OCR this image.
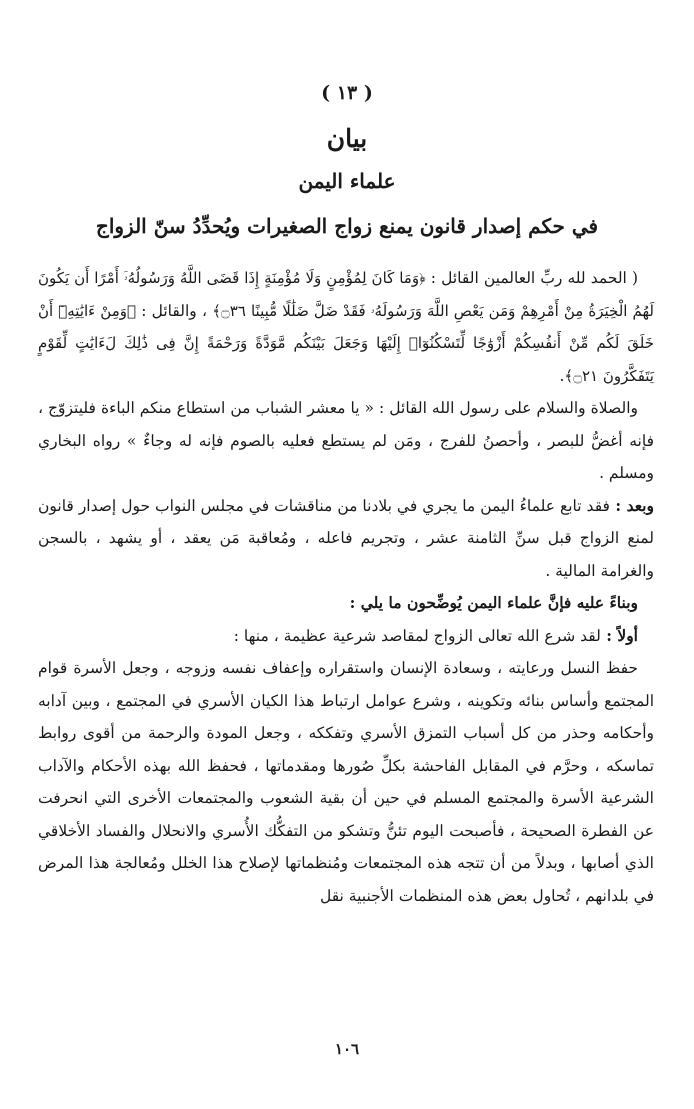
( ١٣ )
بيان
علماء اليمن
في حكم إصدار قانون يمنع زواج الصغيرات ويُحدِّدُ سنّ الزواج

( الحمد لله ربِّ العالمين القائل : ﴿وَمَا كَانَ لِمُؤْمِنٍ وَلَا مُؤْمِنَةٍ إِذَا قَضَى اللَّهُ وَرَسُولُهُۥٓ أَمْرًا أَن يَكُونَ لَهُمُ الْخِيَرَةُ مِنْ أَمْرِهِمْ وَمَن يَعْصِ اللَّهَ وَرَسُولَهُۥ فَقَدْ ضَلَّ ضَلَٰلًا مُّبِينًا ۝٣٦﴾ ، والقائل : ﴿وَمِنْ ءَايَٰتِهِۦٓ أَنْ خَلَقَ لَكُم مِّنْ أَنفُسِكُمْ أَزْوَٰجًا لِّتَسْكُنُوٓا۟ إِلَيْهَا وَجَعَلَ بَيْنَكُم مَّوَدَّةً وَرَحْمَةً إِنَّ فِى ذَٰلِكَ لَءَايَٰتٍ لِّقَوْمٍ يَتَفَكَّرُونَ ۝٢١﴾.

والصلاة والسلام على رسول الله القائل : « يا معشر الشباب من استطاع منكم الباءة فليتزوّج ، فإنه أغضُّ للبصر ، وأحصنُ للفرج ، ومَن لم يستطع فعليه بالصوم فإنه له وجاءٌ » رواه البخاري ومسلم .

وبعد : فقد تابع علماءُ اليمن ما يجري في بلادنا من مناقشات في مجلس النواب حول إصدار قانون لمنع الزواج قبل سنِّ الثامنة عشر ، وتجريم فاعله ، ومُعاقبة مَن يعقد ، أو يشهد ، بالسجن والغرامة المالية .

وبناءً عليه فإنَّ علماء اليمن يُوضِّحون ما يلي :

أولاً : لقد شرع الله تعالى الزواج لمقاصد شرعية عظيمة ، منها :

حفظ النسل ورعايته ، وسعادة الإنسان واستقراره وإعفاف نفسه وزوجه ، وجعل الأسرة قوام المجتمع وأساس بنائه وتكوينه ، وشرع عوامل ارتباط هذا الكيان الأسري في المجتمع ، وبين آدابه وأحكامه وحذر من كل أسباب التمزق الأسري وتفككه ، وجعل المودة والرحمة من أقوى روابط تماسكه ، وحرَّم في المقابل الفاحشة بكلِّ صُورها ومقدماتها ، فحفظ الله بهذه الأحكام والآداب الشرعية الأسرة والمجتمع المسلم في حين أن بقية الشعوب والمجتمعات الأخرى التي انحرفت عن الفطرة الصحيحة ، فأصبحت اليوم تئنُّ وتشكو من التفكُّك الأُسري والانحلال والفساد الأخلاقي الذي أصابها ، وبدلاً من أن تتجه هذه المجتمعات ومُنظماتها لإصلاح هذا الخلل ومُعالجة هذا المرض في بلدانهم ، تُحاول بعض هذه المنظمات الأجنبية نقل

١٠٦
